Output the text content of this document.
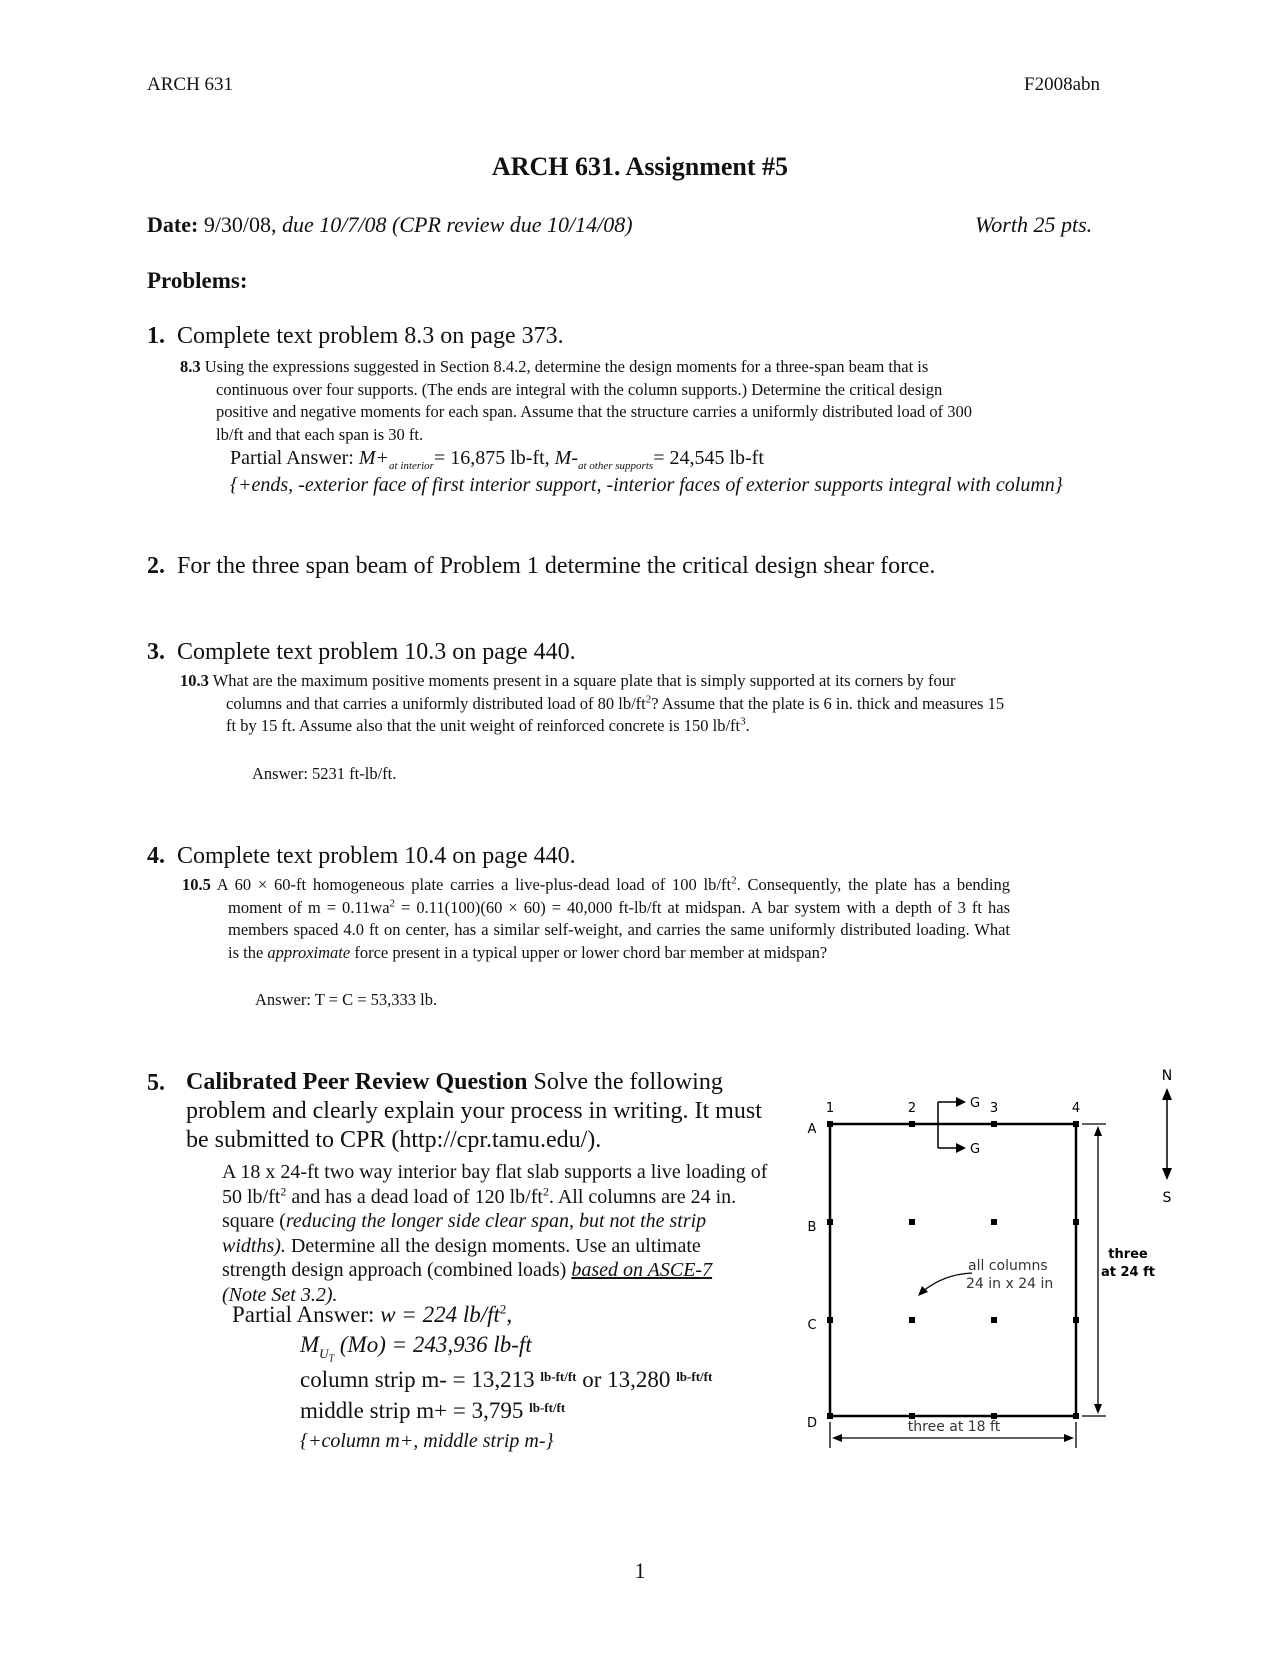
ARCH 631	F2008abn

ARCH 631. Assignment #5

Date: 9/30/08, due 10/7/08 (CPR review due 10/14/08)	Worth 25 pts.

Problems:

1. Complete text problem 8.3 on page 373.

8.3 Using the expressions suggested in Section 8.4.2, determine the design moments for a three-span beam that is continuous over four supports. (The ends are integral with the column supports.) Determine the critical design positive and negative moments for each span. Assume that the structure carries a uniformly distributed load of 300 lb/ft and that each span is 30 ft.

Partial Answer: $M+_{at interior}= 16,875$ lb-ft, $M-_{at other supports}= 24,545$ lb-ft

{+ends, -exterior face of first interior support, -interior faces of exterior supports integral with column}

2. For the three span beam of Problem 1 determine the critical design shear force.

3. Complete text problem 10.3 on page 440.

10.3 What are the maximum positive moments present in a square plate that is simply supported at its corners by four columns and that carries a uniformly distributed load of 80 $lb/ft^2$? Assume that the plate is 6 in. thick and measures 15 ft by 15 ft. Assume also that the unit weight of reinforced concrete is 150 $lb/ft^3$.

Answer: 5231 ft-lb/ft.

4. Complete text problem 10.4 on page 440.

10.5 A 60 × 60-ft homogeneous plate carries a live-plus-dead load of 100 $lb/ft^2$. Consequently, the plate has a bending moment of $m = 0.11wa^2 = 0.11(100)(60 \times 60) = 40,000$ ft-lb/ft at midspan. A bar system with a depth of 3 ft has members spaced 4.0 ft on center, has a similar self-weight, and carries the same uniformly distributed loading. What is the approximate force present in a typical upper or lower chord bar member at midspan?

Answer: T = C = 53,333 lb.

5. Calibrated Peer Review Question Solve the following problem and clearly explain your process in writing. It must be submitted to CPR (http://cpr.tamu.edu/).

A 18 x 24-ft two way interior bay flat slab supports a live loading of 50 $lb/ft^2$ and has a dead load of 120 $lb/ft^2$. All columns are 24 in. square (reducing the longer side clear span, but not the strip widths). Determine all the design moments. Use an ultimate strength design approach (combined loads) based on ASCE-7
(Note Set 3.2).

Partial Answer: w = 224 $lb/ft^2$,

$M_{U_T}$ (Mo) = 243,936 lb-ft

column strip m- = 13,213 $^{lb-ft/ft}$ or 13,280 $^{lb-ft/ft}$

middle strip m+ = 3,795 $^{lb-ft/ft}$

{+column m+, middle strip m-}

1	2	3	4
A
B
C
D
G
G
three
at 24 ft
three at 18 ft
all columns
24 in x 24 in
N
S

1
